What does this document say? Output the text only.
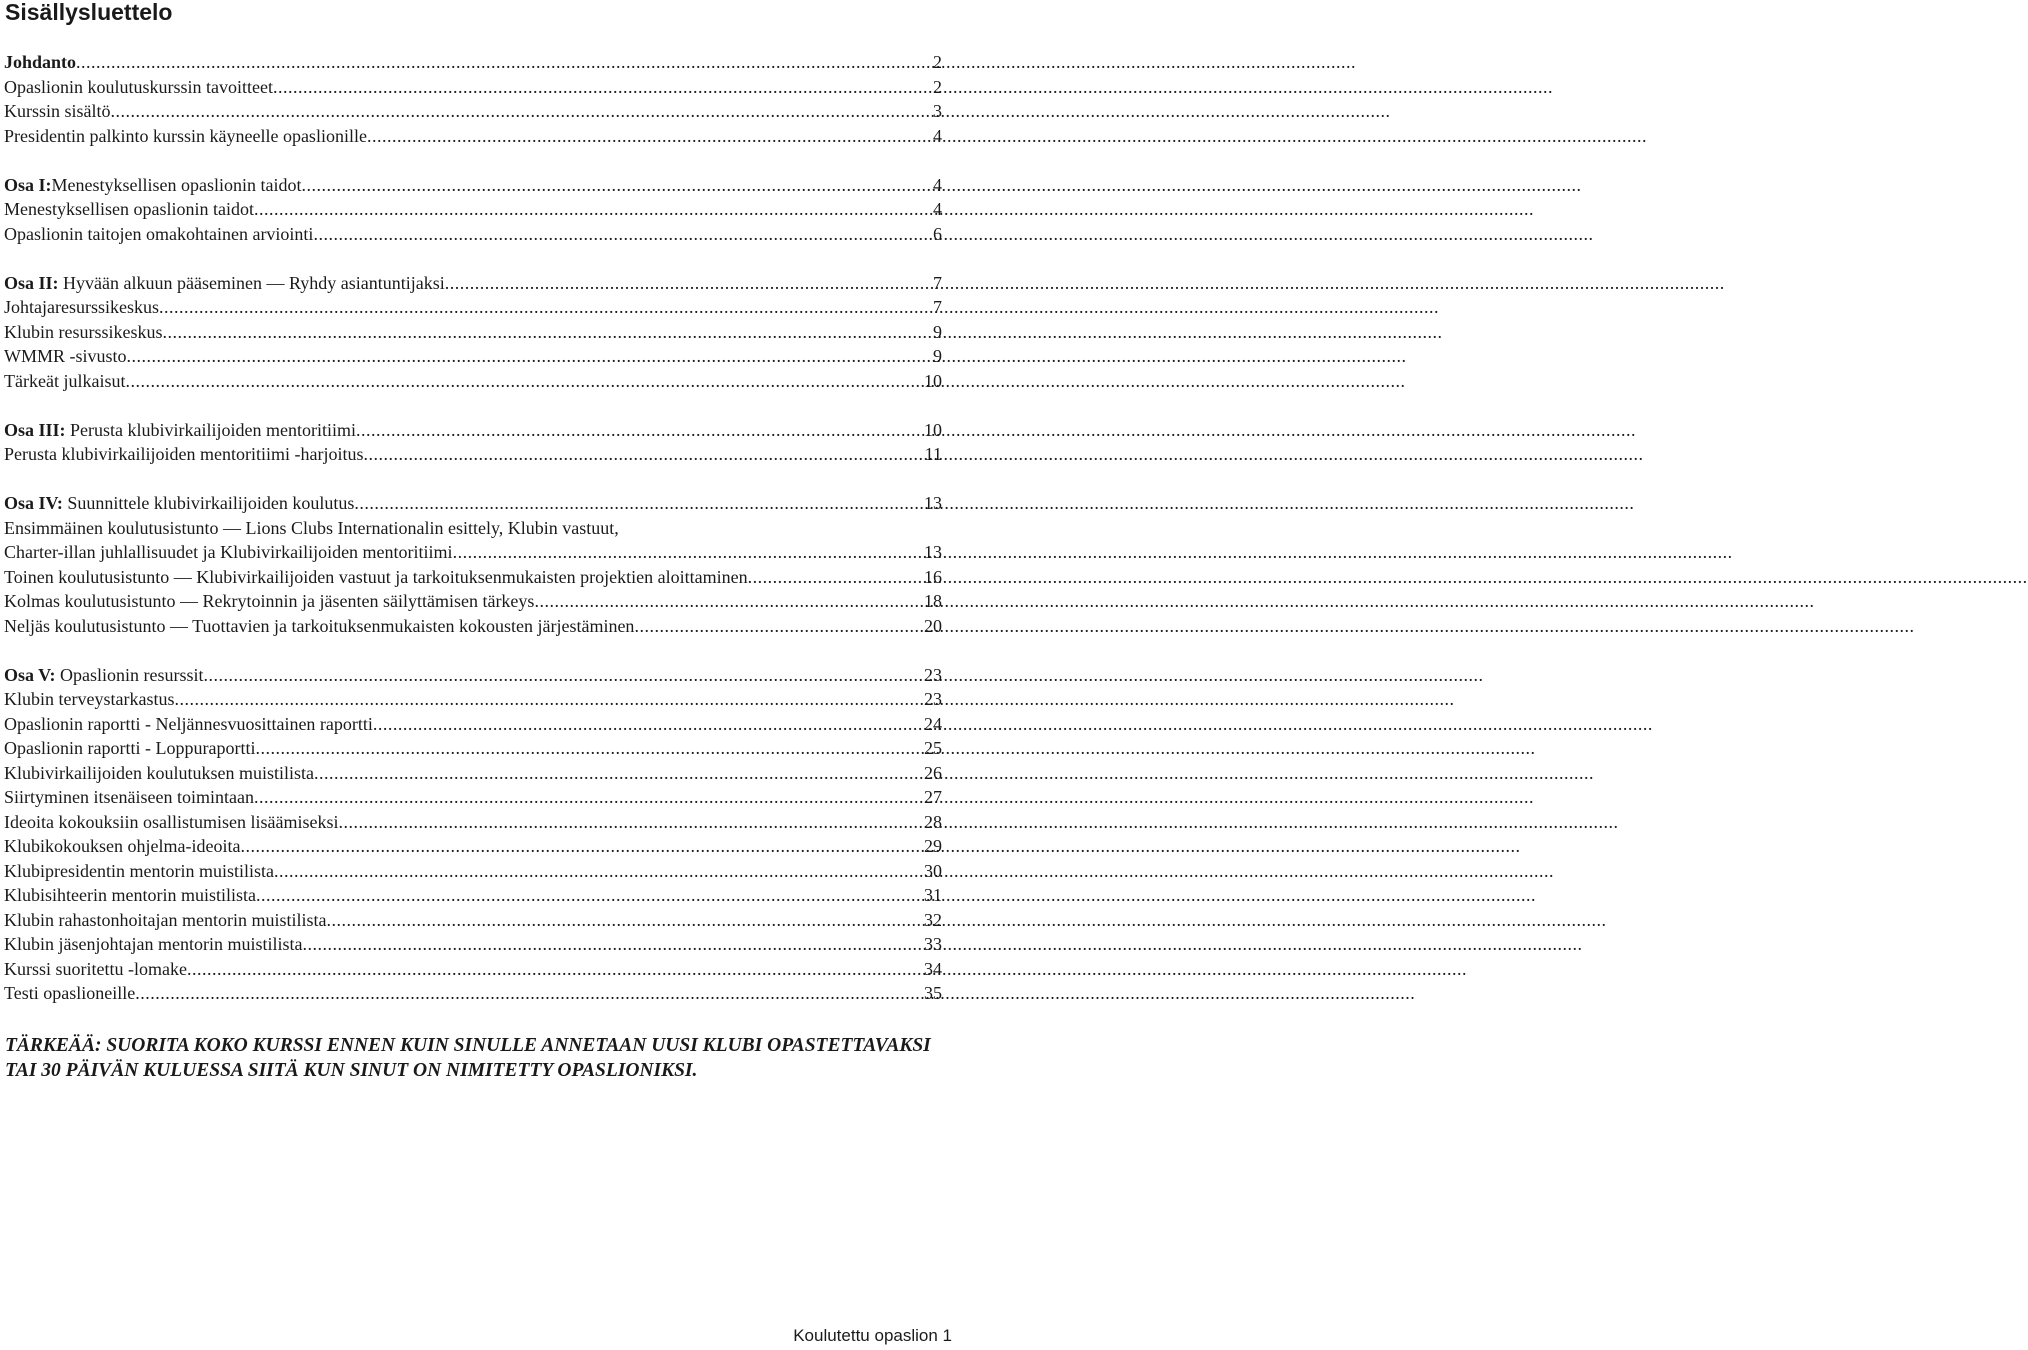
Sisällysluettelo
Johdanto .....	2
Opaslionin koulutuskurssin tavoitteet .....	2
Kurssin sisältö .....	3
Presidentin palkinto kurssin käyneelle opaslionille .....	4
Osa I:Menestyksellisen opaslionin taidot .....	4
Menestyksellisen opaslionin taidot .....	4
Opaslionin taitojen omakohtainen arviointi .....	6
Osa II: Hyvään alkuun pääseminen — Ryhdy asiantuntijaksi .....	7
Johtajaresurssikeskus .....	7
Klubin resurssikeskus .....	9
WMMR -sivusto .....	9
Tärkeät julkaisut .....	10
Osa III: Perusta klubivirkailijoiden mentoritiimi .....	10
Perusta klubivirkailijoiden mentoritiimi -harjoitus .....	11
Osa IV: Suunnittele klubivirkailijoiden koulutus .....	13
Ensimmäinen koulutusistunto — Lions Clubs Internationalin esittely, Klubin vastuut,
Charter-illan juhlallisuudet ja Klubivirkailijoiden mentoritiimi .....	13
Toinen koulutusistunto — Klubivirkailijoiden vastuut ja tarkoituksenmukaisten projektien aloittaminen .....	16
Kolmas koulutusistunto — Rekrytoinnin ja jäsenten säilyttämisen tärkeys .....	18
Neljäs koulutusistunto — Tuottavien ja tarkoituksenmukaisten kokousten järjestäminen .....	20
Osa V: Opaslionin resurssit .....	23
Klubin terveystarkastus .....	23
Opaslionin raportti - Neljännesvuosittainen raportti .....	24
Opaslionin raportti - Loppuraportti .....	25
Klubivirkailijoiden koulutuksen muistilista .....	26
Siirtyminen itsenäiseen toimintaan .....	27
Ideoita kokouksiin osallistumisen lisäämiseksi .....	28
Klubikokouksen ohjelma-ideoita .....	29
Klubipresidentin mentorin muistilista .....	30
Klubisihteerin mentorin muistilista .....	31
Klubin rahastonhoitajan mentorin muistilista .....	32
Klubin jäsenjohtajan mentorin muistilista .....	33
Kurssi suoritettu -lomake .....	34
Testi opaslioneille .....	35
TÄRKEÄÄ: SUORITA KOKO KURSSI ENNEN KUIN SINULLE ANNETAAN UUSI KLUBI OPASTETTAVAKSI TAI 30 PÄIVÄN KULUESSA SIITÄ KUN SINUT ON NIMITETTY OPASLIONIKSI.
Koulutettu opaslion 1
